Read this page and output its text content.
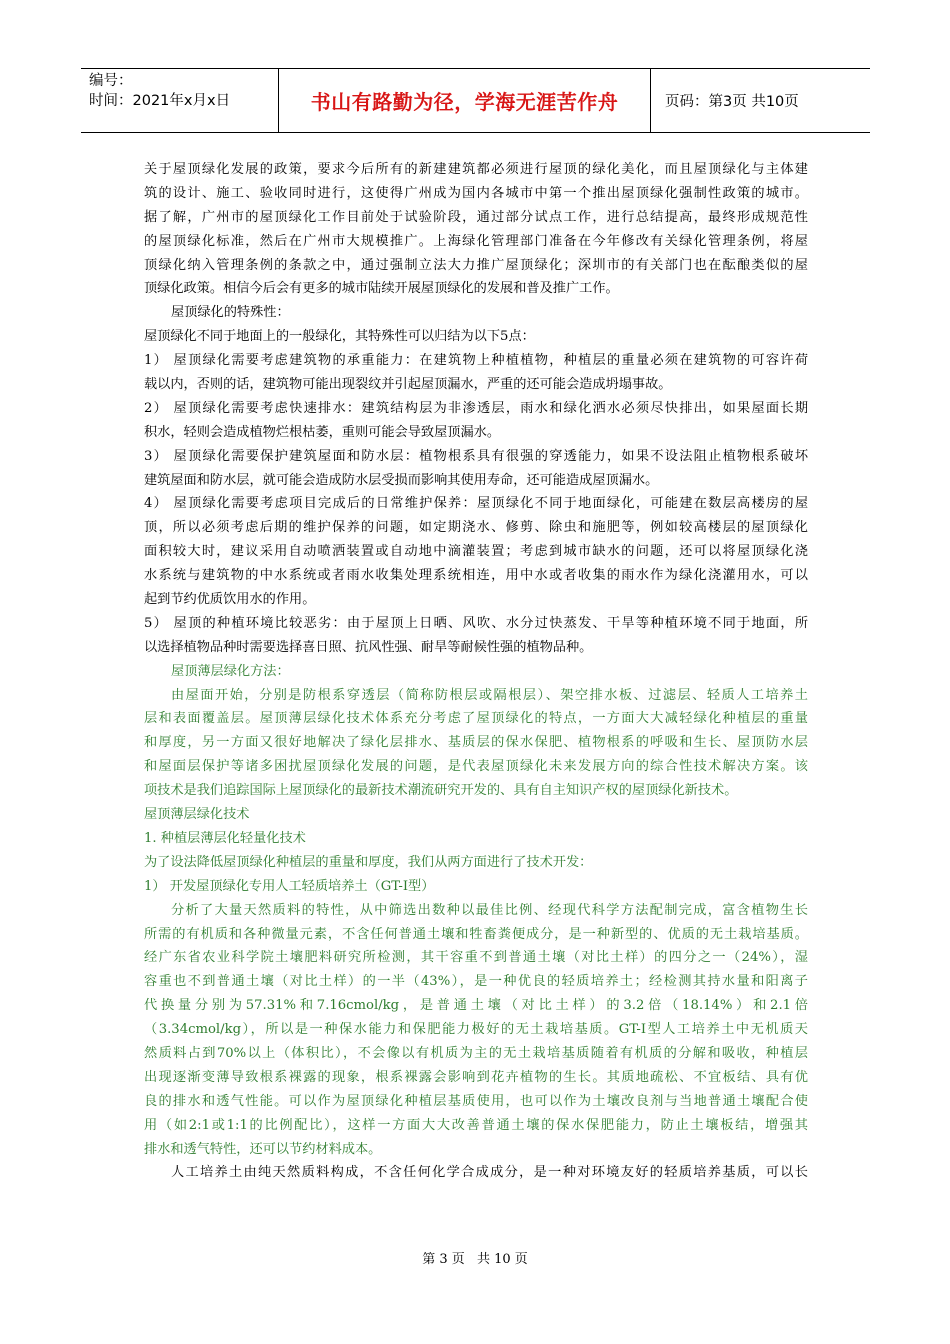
编号：
时间：2021年x月x日	书山有路勤为径，学海无涯苦作舟	页码：第3页 共10页
关于屋顶绿化发展的政策，要求今后所有的新建建筑都必须进行屋顶的绿化美化，而且屋顶绿化与主体建
筑的设计、施工、验收同时进行，这使得广州成为国内各城市中第一个推出屋顶绿化强制性政策的城市。
据了解，广州市的屋顶绿化工作目前处于试验阶段，通过部分试点工作，进行总结提高，最终形成规范性
的屋顶绿化标准，然后在广州市大规模推广。上海绿化管理部门准备在今年修改有关绿化管理条例，将屋
顶绿化纳入管理条例的条款之中，通过强制立法大力推广屋顶绿化；深圳市的有关部门也在酝酿类似的屋
顶绿化政策。相信今后会有更多的城市陆续开展屋顶绿化的发展和普及推广工作。
屋顶绿化的特殊性：
屋顶绿化不同于地面上的一般绿化，其特殊性可以归结为以下5点：
1） 屋顶绿化需要考虑建筑物的承重能力：在建筑物上种植植物，种植层的重量必须在建筑物的可容许荷
载以内，否则的话，建筑物可能出现裂纹并引起屋顶漏水，严重的还可能会造成坍塌事故。
2） 屋顶绿化需要考虑快速排水：建筑结构层为非渗透层，雨水和绿化洒水必须尽快排出，如果屋面长期
积水，轻则会造成植物烂根枯萎，重则可能会导致屋顶漏水。
3） 屋顶绿化需要保护建筑屋面和防水层：植物根系具有很强的穿透能力，如果不设法阻止植物根系破坏
建筑屋面和防水层，就可能会造成防水层受损而影响其使用寿命，还可能造成屋顶漏水。
4） 屋顶绿化需要考虑项目完成后的日常维护保养：屋顶绿化不同于地面绿化，可能建在数层高楼房的屋
顶，所以必须考虑后期的维护保养的问题，如定期浇水、修剪、除虫和施肥等，例如较高楼层的屋顶绿化
面积较大时，建议采用自动喷洒装置或自动地中滴灌装置；考虑到城市缺水的问题，还可以将屋顶绿化浇
水系统与建筑物的中水系统或者雨水收集处理系统相连，用中水或者收集的雨水作为绿化浇灌用水，可以
起到节约优质饮用水的作用。
5） 屋顶的种植环境比较恶劣：由于屋顶上日晒、风吹、水分过快蒸发、干旱等种植环境不同于地面，所
以选择植物品种时需要选择喜日照、抗风性强、耐旱等耐候性强的植物品种。
屋顶薄层绿化方法：
由屋面开始，分别是防根系穿透层（简称防根层或隔根层）、架空排水板、过滤层、轻质人工培养土
层和表面覆盖层。屋顶薄层绿化技术体系充分考虑了屋顶绿化的特点，一方面大大减轻绿化种植层的重量
和厚度，另一方面又很好地解决了绿化层排水、基质层的保水保肥、植物根系的呼吸和生长、屋顶防水层
和屋面层保护等诸多困扰屋顶绿化发展的问题，是代表屋顶绿化未来发展方向的综合性技术解决方案。该
项技术是我们追踪国际上屋顶绿化的最新技术潮流研究开发的、具有自主知识产权的屋顶绿化新技术。
屋顶薄层绿化技术
1. 种植层薄层化轻量化技术
为了设法降低屋顶绿化种植层的重量和厚度，我们从两方面进行了技术开发：
1） 开发屋顶绿化专用人工轻质培养土（GT-I型）
分析了大量天然质料的特性，从中筛选出数种以最佳比例、经现代科学方法配制完成，富含植物生长
所需的有机质和各种微量元素，不含任何普通土壤和牲畜粪便成分，是一种新型的、优质的无土栽培基质。
经广东省农业科学院土壤肥料研究所检测，其干容重不到普通土壤（对比土样）的四分之一（24%），湿
容重也不到普通土壤（对比土样）的一半（43%），是一种优良的轻质培养土；经检测其持水量和阳离子
代换量分别为57.31%和7.16cmol/kg，是普通土壤（对比土样）的3.2倍（18.14%）和2.1倍
（3.34cmol/kg），所以是一种保水能力和保肥能力极好的无土栽培基质。GT-I型人工培养土中无机质天
然质料占到70%以上（体积比），不会像以有机质为主的无土栽培基质随着有机质的分解和吸收，种植层
出现逐渐变薄导致根系裸露的现象，根系裸露会影响到花卉植物的生长。其质地疏松、不宜板结、具有优
良的排水和透气性能。可以作为屋顶绿化种植层基质使用，也可以作为土壤改良剂与当地普通土壤配合使
用（如2:1或1:1的比例配比），这样一方面大大改善普通土壤的保水保肥能力，防止土壤板结，增强其
排水和透气特性，还可以节约材料成本。
人工培养土由纯天然质料构成，不含任何化学合成成分，是一种对环境友好的轻质培养基质，可以长
第 3 页 共 10 页
